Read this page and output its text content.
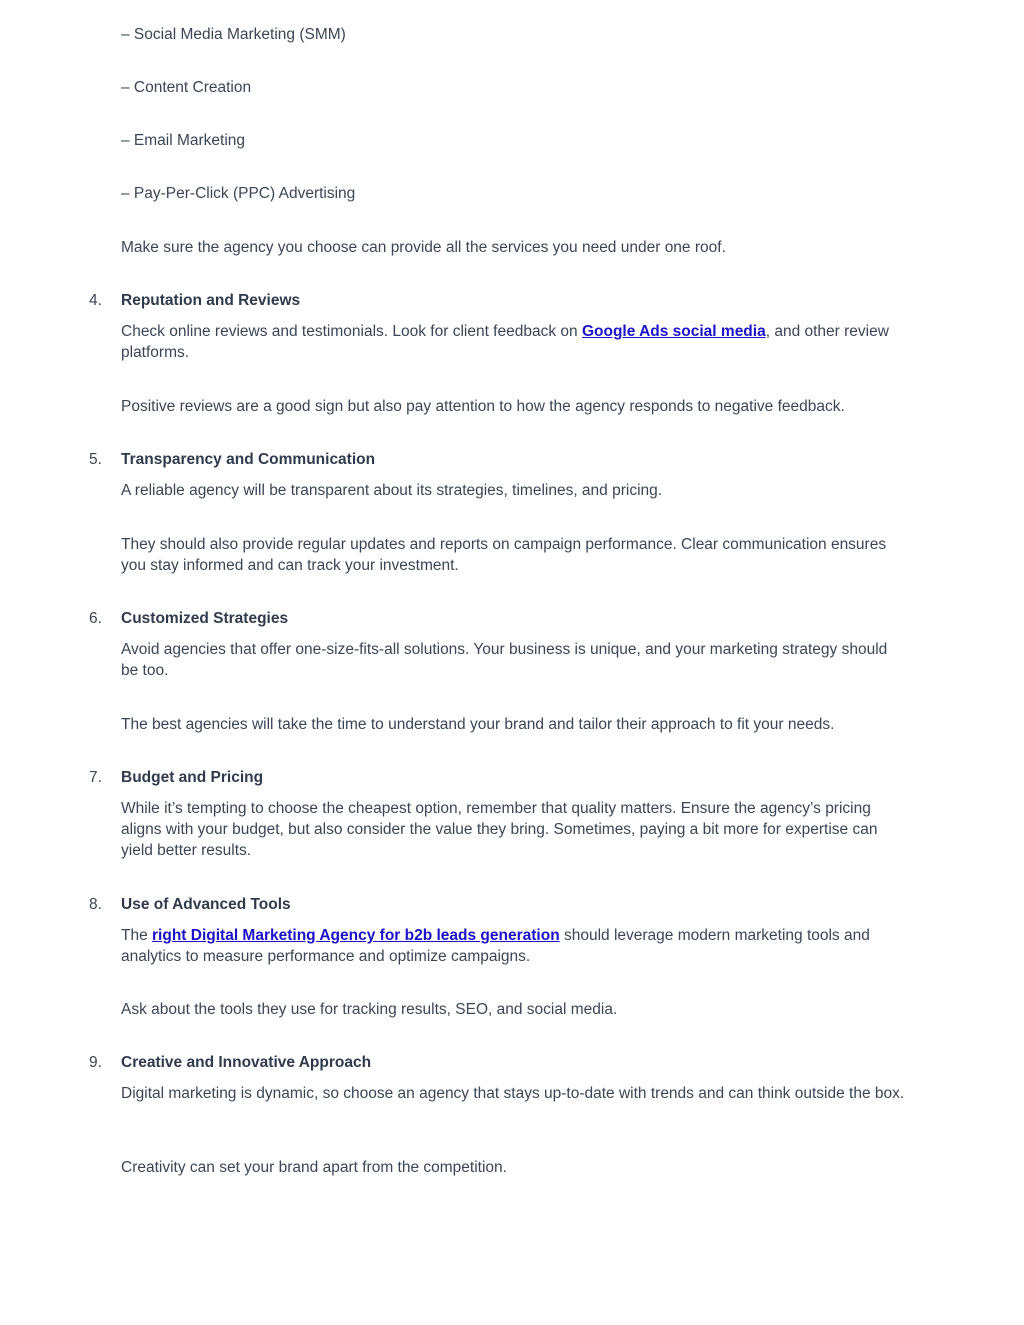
– Social Media Marketing (SMM)

– Content Creation

– Email Marketing

– Pay-Per-Click (PPC) Advertising

Make sure the agency you choose can provide all the services you need under one roof.

4.	Reputation and Reviews

Check online reviews and testimonials. Look for client feedback on Google Ads social media, and other review platforms.

Positive reviews are a good sign but also pay attention to how the agency responds to negative feedback.

5.	Transparency and Communication

A reliable agency will be transparent about its strategies, timelines, and pricing.

They should also provide regular updates and reports on campaign performance. Clear communication ensures you stay informed and can track your investment.

6.	Customized Strategies

Avoid agencies that offer one-size-fits-all solutions. Your business is unique, and your marketing strategy should be too.

The best agencies will take the time to understand your brand and tailor their approach to fit your needs.

7.	Budget and Pricing

While it’s tempting to choose the cheapest option, remember that quality matters. Ensure the agency’s pricing aligns with your budget, but also consider the value they bring. Sometimes, paying a bit more for expertise can yield better results.

8.	Use of Advanced Tools

The right Digital Marketing Agency for b2b leads generation should leverage modern marketing tools and analytics to measure performance and optimize campaigns.

Ask about the tools they use for tracking results, SEO, and social media.

9.	Creative and Innovative Approach

Digital marketing is dynamic, so choose an agency that stays up-to-date with trends and can think outside the box.

Creativity can set your brand apart from the competition.
